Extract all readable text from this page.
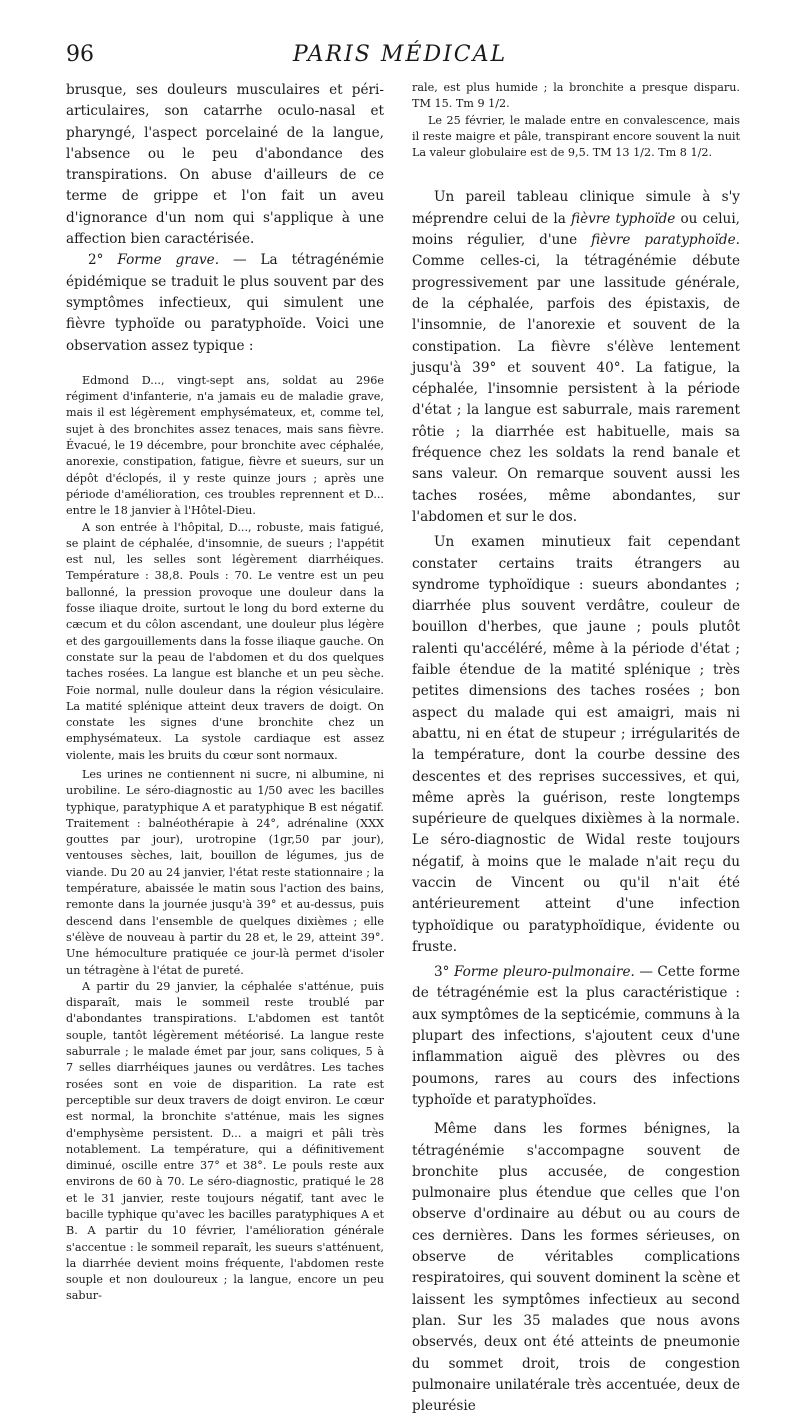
96	PARIS MÉDICAL

brusque, ses douleurs musculaires et péri-articulaires, son catarrhe oculo-nasal et pharyngé, l'aspect porcelainé de la langue, l'absence ou le peu d'abondance des transpirations. On abuse d'ailleurs de ce terme de grippe et l'on fait un aveu d'ignorance d'un nom qui s'applique à une affection bien caractérisée.

2° Forme grave. — La tétragénémie épidémique se traduit le plus souvent par des symptômes infectieux, qui simulent une fièvre typhoïde ou paratyphoïde. Voici une observation assez typique :

Edmond D..., vingt-sept ans, soldat au 296e régiment d'infanterie, n'a jamais eu de maladie grave, mais il est légèrement emphysémateux, et, comme tel, sujet à des bronchites assez tenaces, mais sans fièvre. Évacué, le 19 décembre, pour bronchite avec céphalée, anorexie, constipation, fatigue, fièvre et sueurs, sur un dépôt d'éclopés, il y reste quinze jours ; après une période d'amélioration, ces troubles reprennent et D... entre le 18 janvier à l'Hôtel-Dieu.

A son entrée à l'hôpital, D..., robuste, mais fatigué, se plaint de céphalée, d'insomnie, de sueurs ; l'appétit est nul, les selles sont légèrement diarrhéiques. Température : 38,8. Pouls : 70. Le ventre est un peu ballonné, la pression provoque une douleur dans la fosse iliaque droite, surtout le long du bord externe du cæcum et du côlon ascendant, une douleur plus légère et des gargouillements dans la fosse iliaque gauche. On constate sur la peau de l'abdomen et du dos quelques taches rosées. La langue est blanche et un peu sèche. Foie normal, nulle douleur dans la région vésiculaire. La matité splénique atteint deux travers de doigt. On constate les signes d'une bronchite chez un emphysémateux. La systole cardiaque est assez violente, mais les bruits du cœur sont normaux.

Les urines ne contiennent ni sucre, ni albumine, ni urobiline. Le séro-diagnostic au 1/50 avec les bacilles typhique, paratyphique A et paratyphique B est négatif. Traitement : balnéothérapie à 24°, adrénaline (XXX gouttes par jour), urotropine (1gr,50 par jour), ventouses sèches, lait, bouillon de légumes, jus de viande. Du 20 au 24 janvier, l'état reste stationnaire ; la température, abaissée le matin sous l'action des bains, remonte dans la journée jusqu'à 39° et au-dessus, puis descend dans l'ensemble de quelques dixièmes ; elle s'élève de nouveau à partir du 28 et, le 29, atteint 39°. Une hémoculture pratiquée ce jour-là permet d'isoler un tétragène à l'état de pureté.

A partir du 29 janvier, la céphalée s'atténue, puis disparaît, mais le sommeil reste troublé par d'abondantes transpirations. L'abdomen est tantôt souple, tantôt légèrement météorisé. La langue reste saburrale ; le malade émet par jour, sans coliques, 5 à 7 selles diarrhéiques jaunes ou verdâtres. Les taches rosées sont en voie de disparition. La rate est perceptible sur deux travers de doigt environ. Le cœur est normal, la bronchite s'atténue, mais les signes d'emphysème persistent. D... a maigri et pâli très notablement. La température, qui a définitivement diminué, oscille entre 37° et 38°. Le pouls reste aux environs de 60 à 70. Le séro-diagnostic, pratiqué le 28 et le 31 janvier, reste toujours négatif, tant avec le bacille typhique qu'avec les bacilles paratyphiques A et B. A partir du 10 février, l'amélioration générale s'accentue : le sommeil reparaît, les sueurs s'atténuent, la diarrhée devient moins fréquente, l'abdomen reste souple et non douloureux ; la langue, encore un peu sabur-

rale, est plus humide ; la bronchite a presque disparu. TM 15. Tm 9 1/2.

Le 25 février, le malade entre en convalescence, mais il reste maigre et pâle, transpirant encore souvent la nuit La valeur globulaire est de 9,5. TM 13 1/2. Tm 8 1/2.

Un pareil tableau clinique simule à s'y méprendre celui de la fièvre typhoïde ou celui, moins régulier, d'une fièvre paratyphoïde. Comme celles-ci, la tétragénémie débute progressivement par une lassitude générale, de la céphalée, parfois des épistaxis, de l'insomnie, de l'anorexie et souvent de la constipation. La fièvre s'élève lentement jusqu'à 39° et souvent 40°. La fatigue, la céphalée, l'insomnie persistent à la période d'état ; la langue est saburrale, mais rarement rôtie ; la diarrhée est habituelle, mais sa fréquence chez les soldats la rend banale et sans valeur. On remarque souvent aussi les taches rosées, même abondantes, sur l'abdomen et sur le dos.

Un examen minutieux fait cependant constater certains traits étrangers au syndrome typhoïdique : sueurs abondantes ; diarrhée plus souvent verdâtre, couleur de bouillon d'herbes, que jaune ; pouls plutôt ralenti qu'accéléré, même à la période d'état ; faible étendue de la matité splénique ; très petites dimensions des taches rosées ; bon aspect du malade qui est amaigri, mais ni abattu, ni en état de stupeur ; irrégularités de la température, dont la courbe dessine des descentes et des reprises successives, et qui, même après la guérison, reste longtemps supérieure de quelques dixièmes à la normale. Le séro-diagnostic de Widal reste toujours négatif, à moins que le malade n'ait reçu du vaccin de Vincent ou qu'il n'ait été antérieurement atteint d'une infection typhoïdique ou paratyphoïdique, évidente ou fruste.

3° Forme pleuro-pulmonaire. — Cette forme de tétragénémie est la plus caractéristique : aux symptômes de la septicémie, communs à la plupart des infections, s'ajoutent ceux d'une inflammation aiguë des plèvres ou des poumons, rares au cours des infections typhoïde et paratyphoïdes.

Même dans les formes bénignes, la tétragénémie s'accompagne souvent de bronchite plus accusée, de congestion pulmonaire plus étendue que celles que l'on observe d'ordinaire au début ou au cours de ces dernières. Dans les formes sérieuses, on observe de véritables complications respiratoires, qui souvent dominent la scène et laissent les symptômes infectieux au second plan. Sur les 35 malades que nous avons observés, deux ont été atteints de pneumonie du sommet droit, trois de congestion pulmonaire unilatérale très accentuée, deux de pleurésie
